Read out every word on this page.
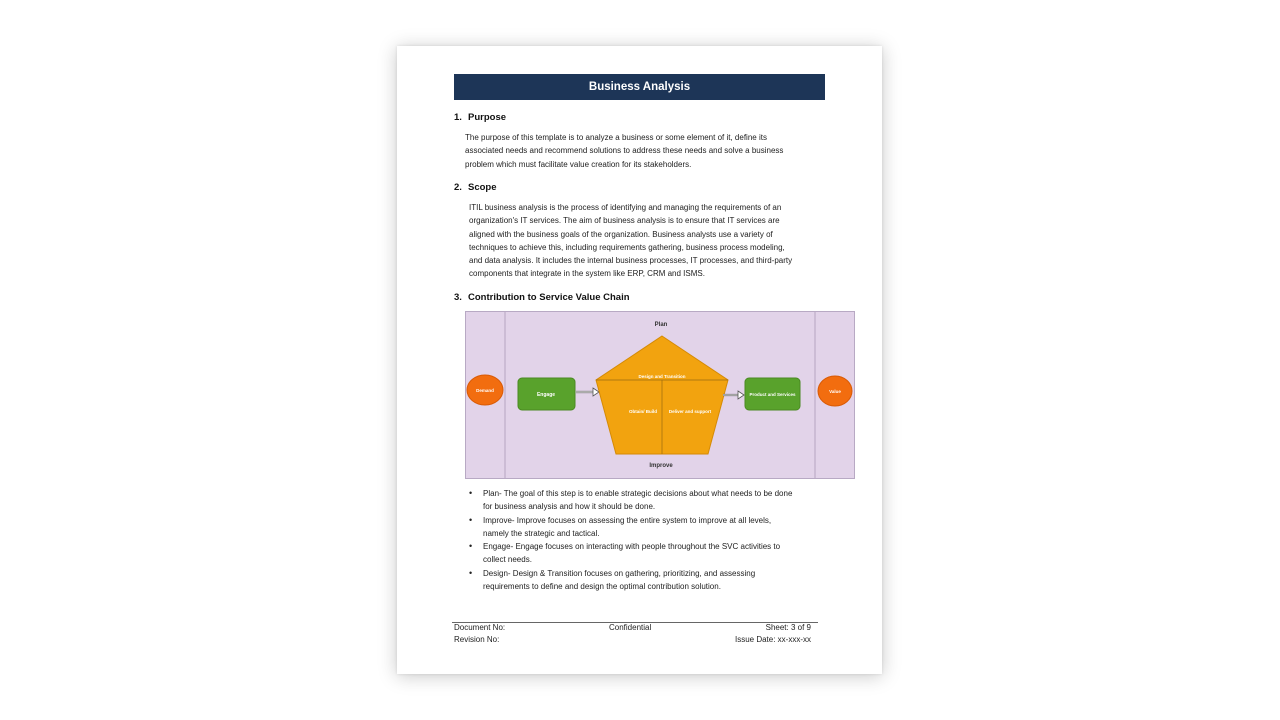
Business Analysis
1. Purpose
The purpose of this template is to analyze a business or some element of it, define its
associated needs and recommend solutions to address these needs and solve a business
problem which must facilitate value creation for its stakeholders.
2. Scope
ITIL business analysis is the process of identifying and managing the requirements of an
organization's IT services. The aim of business analysis is to ensure that IT services are
aligned with the business goals of the organization. Business analysts use a variety of
techniques to achieve this, including requirements gathering, business process modeling,
and data analysis. It includes the internal business processes, IT processes, and third-party
components that integrate in the system like ERP, CRM and ISMS.
3. Contribution to Service Value Chain
Plan
Improve
Demand
Engage
Design and Transition
Obtain/ Build	Deliver and support
Product and Services
Value
• Plan- The goal of this step is to enable strategic decisions about what needs to be done
for business analysis and how it should be done.
• Improve- Improve focuses on assessing the entire system to improve at all levels,
namely the strategic and tactical.
• Engage- Engage focuses on interacting with people throughout the SVC activities to
collect needs.
• Design- Design & Transition focuses on gathering, prioritizing, and assessing
requirements to define and design the optimal contribution solution.
Document No:
Revision No:
Confidential	Sheet: 3 of 9
Issue Date: xx-xxx-xx
